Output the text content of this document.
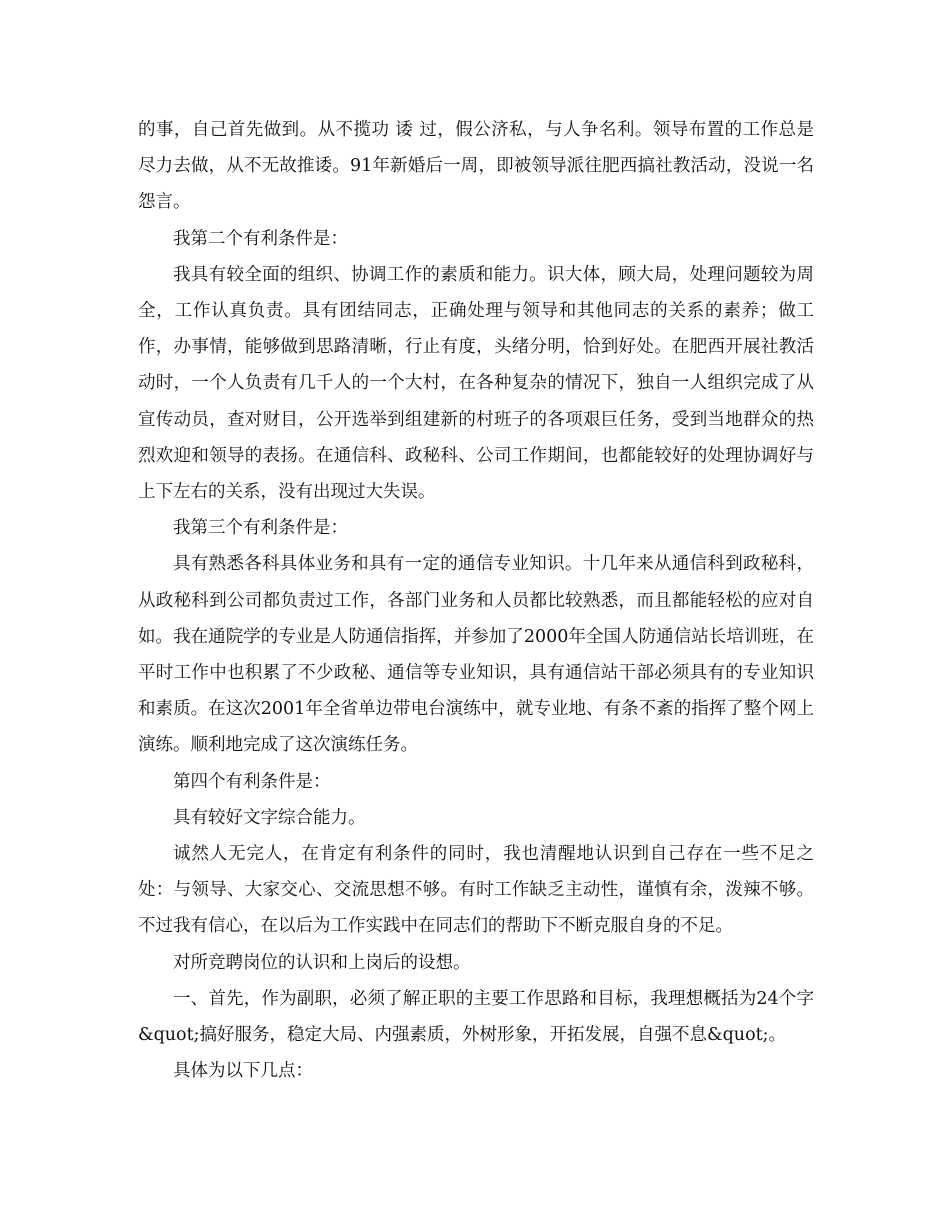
的事，自己首先做到。从不揽功 诿 过，假公济私，与人争名利。领导布置的工作总是尽力去做，从不无故推诿。91年新婚后一周，即被领导派往肥西搞社教活动，没说一名怨言。

我第二个有利条件是：

我具有较全面的组织、协调工作的素质和能力。识大体，顾大局，处理问题较为周全，工作认真负责。具有团结同志，正确处理与领导和其他同志的关系的素养；做工作，办事情，能够做到思路清晰，行止有度，头绪分明，恰到好处。在肥西开展社教活动时，一个人负责有几千人的一个大村，在各种复杂的情况下，独自一人组织完成了从宣传动员，查对财目，公开选举到组建新的村班子的各项艰巨任务，受到当地群众的热烈欢迎和领导的表扬。在通信科、政秘科、公司工作期间，也都能较好的处理协调好与上下左右的关系，没有出现过大失误。

我第三个有利条件是：

具有熟悉各科具体业务和具有一定的通信专业知识。十几年来从通信科到政秘科，从政秘科到公司都负责过工作，各部门业务和人员都比较熟悉，而且都能轻松的应对自如。我在通院学的专业是人防通信指挥，并参加了2000年全国人防通信站长培训班，在平时工作中也积累了不少政秘、通信等专业知识，具有通信站干部必须具有的专业知识和素质。在这次2001年全省单边带电台演练中，就专业地、有条不紊的指挥了整个网上演练。顺利地完成了这次演练任务。

第四个有利条件是：

具有较好文字综合能力。

诚然人无完人，在肯定有利条件的同时，我也清醒地认识到自己存在一些不足之处：与领导、大家交心、交流思想不够。有时工作缺乏主动性，谨慎有余，泼辣不够。不过我有信心，在以后为工作实践中在同志们的帮助下不断克服自身的不足。

对所竞聘岗位的认识和上岗后的设想。

一、首先，作为副职，必须了解正职的主要工作思路和目标，我理想概括为24个字&quot;搞好服务，稳定大局、内强素质，外树形象，开拓发展，自强不息&quot;。

具体为以下几点：
